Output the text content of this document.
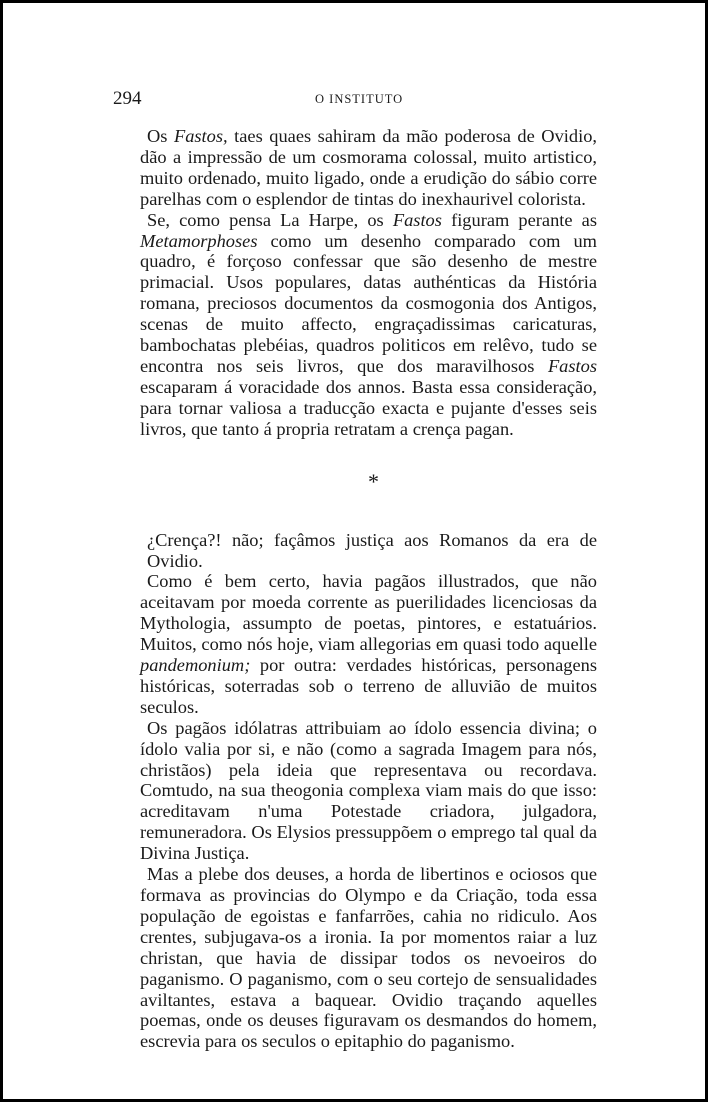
294	O INSTITUTO

Os Fastos, taes quaes sahiram da mão poderosa de Ovidio, dão a impressão de um cosmorama colossal, muito artistico, muito ordenado, muito ligado, onde a erudição do sábio corre parelhas com o esplendor de tintas do inexhaurivel colorista.

Se, como pensa La Harpe, os Fastos figuram perante as Metamorphoses como um desenho comparado com um quadro, é forçoso confessar que são desenho de mestre primacial. Usos populares, datas authénticas da História romana, preciosos documentos da cosmogonia dos Antigos, scenas de muito affecto, engraçadissimas caricaturas, bambochatas plebéias, quadros politicos em relêvo, tudo se encontra nos seis livros, que dos maravilhosos Fastos escaparam á voracidade dos annos. Basta essa consideração, para tornar valiosa a traducção exacta e pujante d'esses seis livros, que tanto á propria retratam a crença pagan.

*

¿Crença?! não; façâmos justiça aos Romanos da era de Ovidio.

Como é bem certo, havia pagãos illustrados, que não aceitavam por moeda corrente as puerilidades licenciosas da Mythologia, assumpto de poetas, pintores, e estatuários. Muitos, como nós hoje, viam allegorias em quasi todo aquelle pandemonium; por outra: verdades históricas, personagens históricas, soterradas sob o terreno de alluvião de muitos seculos.

Os pagãos idólatras attribuiam ao ídolo essencia divina; o ídolo valia por si, e não (como a sagrada Imagem para nós, christãos) pela ideia que representava ou recordava. Comtudo, na sua theogonia complexa viam mais do que isso: acreditavam n'uma Potestade criadora, julgadora, remuneradora. Os Elysios pressuppõem o emprego tal qual da Divina Justiça.

Mas a plebe dos deuses, a horda de libertinos e ociosos que formava as provincias do Olympo e da Criação, toda essa população de egoistas e fanfarrões, cahia no ridiculo. Aos crentes, subjugava-os a ironia. Ia por momentos raiar a luz christan, que havia de dissipar todos os nevoeiros do paganismo. O paganismo, com o seu cortejo de sensualidades aviltantes, estava a baquear. Ovidio traçando aquelles poemas, onde os deuses figuravam os desmandos do homem, escrevia para os seculos o epitaphio do paganismo.
